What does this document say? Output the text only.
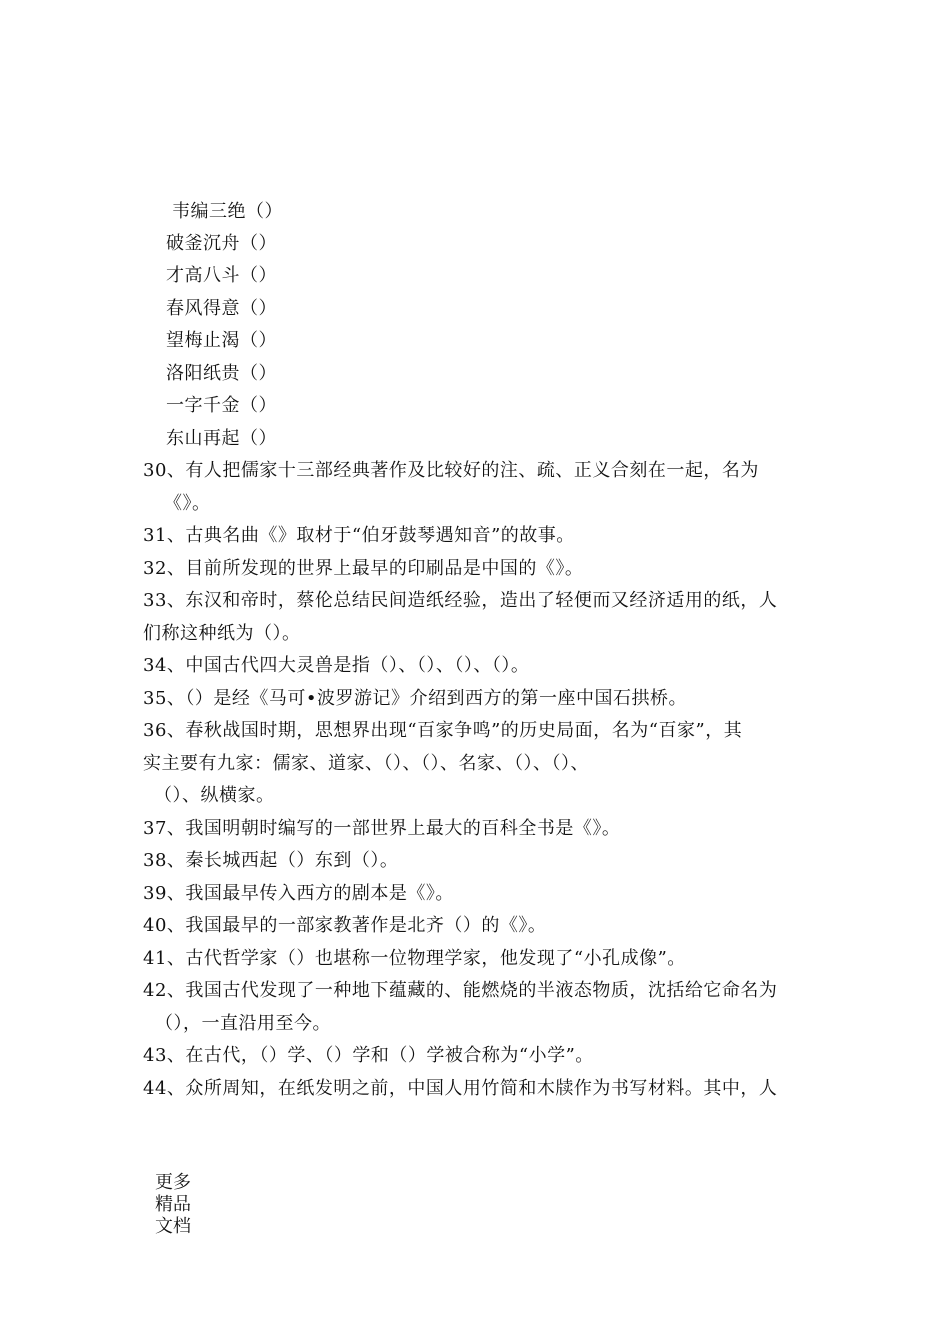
韦编三绝（）
破釜沉舟（）
才高八斗（）
春风得意（）
望梅止渴（）
洛阳纸贵（）
一字千金（）
东山再起（）
30、有人把儒家十三部经典著作及比较好的注、疏、正义合刻在一起，名为
《》。
31、古典名曲《》取材于“伯牙鼓琴遇知音”的故事。
32、目前所发现的世界上最早的印刷品是中国的《》。
33、东汉和帝时，蔡伦总结民间造纸经验，造出了轻便而又经济适用的纸，人
们称这种纸为（）。
34、中国古代四大灵兽是指（）、（）、（）、（）。
35、（）是经《马可•波罗游记》介绍到西方的第一座中国石拱桥。
36、春秋战国时期，思想界出现“百家争鸣”的历史局面，名为“百家”，其
实主要有九家：儒家、道家、（）、（）、名家、（）、（）、
（）、纵横家。
37、我国明朝时编写的一部世界上最大的百科全书是《》。
38、秦长城西起（）东到（）。
39、我国最早传入西方的剧本是《》。
40、我国最早的一部家教著作是北齐（）的《》。
41、古代哲学家（）也堪称一位物理学家，他发现了“小孔成像”。
42、我国古代发现了一种地下蕴藏的、能燃烧的半液态物质，沈括给它命名为
（），一直沿用至今。
43、在古代，（）学、（）学和（）学被合称为“小学”。
44、众所周知，在纸发明之前，中国人用竹简和木牍作为书写材料。其中，人
更多
精品
文档
